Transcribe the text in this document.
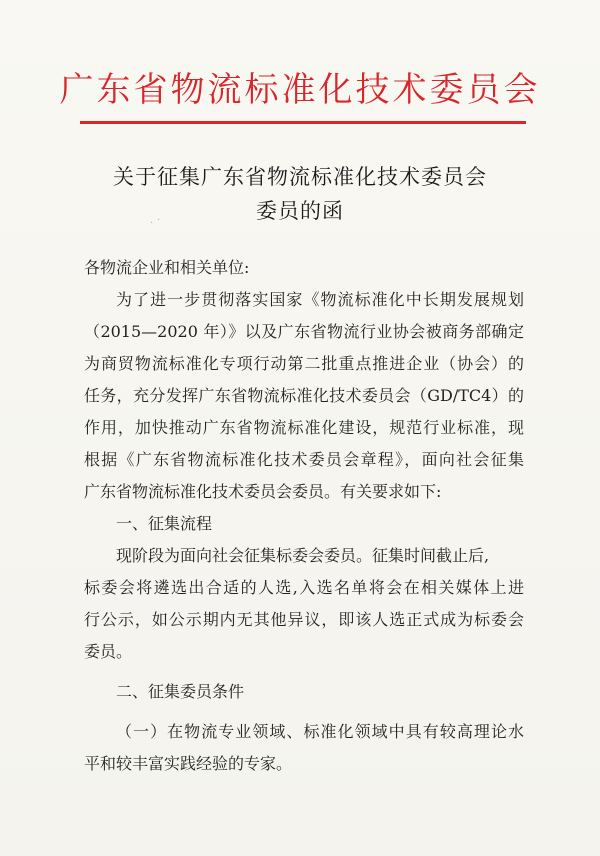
广东省物流标准化技术委员会
关于征集广东省物流标准化技术委员会
委员的函
各物流企业和相关单位:
为了进一步贯彻落实国家《物流标准化中长期发展规划
（2015—2020 年）》以及广东省物流行业协会被商务部确定
为商贸物流标准化专项行动第二批重点推进企业（协会）的
任务，充分发挥广东省物流标准化技术委员会（GD/TC4）的
作用，加快推动广东省物流标准化建设，规范行业标准，现
根据《广东省物流标准化技术委员会章程》，面向社会征集
广东省物流标准化技术委员会委员。有关要求如下:
一、征集流程
现阶段为面向社会征集标委会委员。征集时间截止后,
标委会将遴选出合适的人选,入选名单将会在相关媒体上进
行公示，如公示期内无其他异议，即该人选正式成为标委会
委员。
二、征集委员条件
（一）在物流专业领域、标准化领域中具有较高理论水
平和较丰富实践经验的专家。
· ·
